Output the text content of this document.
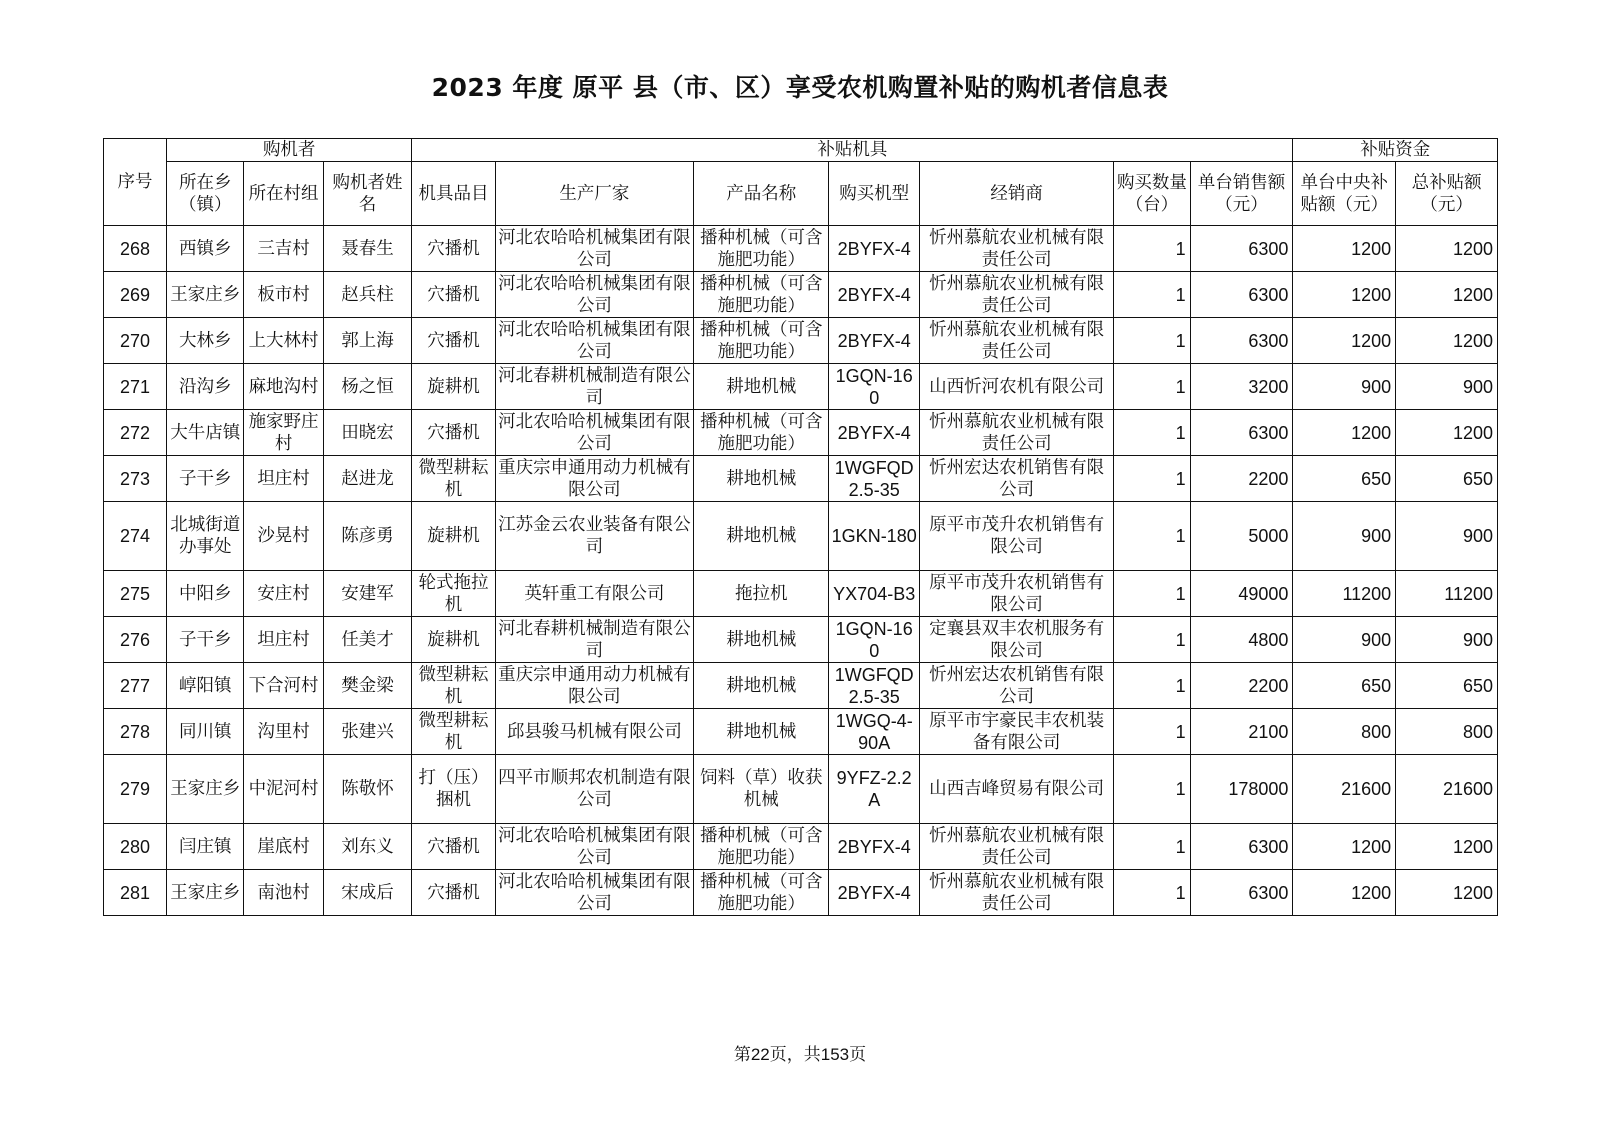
2023 年度 原平 县（市、区）享受农机购置补贴的购机者信息表
序号	购机者			补贴机具							补贴资金	
	所在乡（镇）	所在村组	购机者姓名	机具品目	生产厂家	产品名称	购买机型	经销商	购买数量（台）	单台销售额（元）	单台中央补贴额（元）	总补贴额（元）
268	西镇乡	三吉村	聂春生	穴播机	河北农哈哈机械集团有限公司	播种机械（可含施肥功能）	2BYFX-4	忻州慕航农业机械有限责任公司	1	6300	1200	1200
269	王家庄乡	板市村	赵兵柱	穴播机	河北农哈哈机械集团有限公司	播种机械（可含施肥功能）	2BYFX-4	忻州慕航农业机械有限责任公司	1	6300	1200	1200
270	大林乡	上大林村	郭上海	穴播机	河北农哈哈机械集团有限公司	播种机械（可含施肥功能）	2BYFX-4	忻州慕航农业机械有限责任公司	1	6300	1200	1200
271	沿沟乡	麻地沟村	杨之恒	旋耕机	河北春耕机械制造有限公司	耕地机械	1GQN-160	山西忻河农机有限公司	1	3200	900	900
272	大牛店镇	施家野庄村	田晓宏	穴播机	河北农哈哈机械集团有限公司	播种机械（可含施肥功能）	2BYFX-4	忻州慕航农业机械有限责任公司	1	6300	1200	1200
273	子干乡	坦庄村	赵进龙	微型耕耘机	重庆宗申通用动力机械有限公司	耕地机械	1WGFQD2.5-35	忻州宏达农机销售有限公司	1	2200	650	650
274	北城街道办事处	沙晃村	陈彦勇	旋耕机	江苏金云农业装备有限公司	耕地机械	1GKN-180	原平市茂升农机销售有限公司	1	5000	900	900
275	中阳乡	安庄村	安建军	轮式拖拉机	英轩重工有限公司	拖拉机	YX704-B3	原平市茂升农机销售有限公司	1	49000	11200	11200
276	子干乡	坦庄村	任美才	旋耕机	河北春耕机械制造有限公司	耕地机械	1GQN-160	定襄县双丰农机服务有限公司	1	4800	900	900
277	崞阳镇	下合河村	樊金梁	微型耕耘机	重庆宗申通用动力机械有限公司	耕地机械	1WGFQD2.5-35	忻州宏达农机销售有限公司	1	2200	650	650
278	同川镇	沟里村	张建兴	微型耕耘机	邱县骏马机械有限公司	耕地机械	1WGQ-4-90A	原平市宇豪民丰农机装备有限公司	1	2100	800	800
279	王家庄乡	中泥河村	陈敬怀	打（压）捆机	四平市顺邦农机制造有限公司	饲料（草）收获机械	9YFZ-2.2A	山西吉峰贸易有限公司	1	178000	21600	21600
280	闫庄镇	崖底村	刘东义	穴播机	河北农哈哈机械集团有限公司	播种机械（可含施肥功能）	2BYFX-4	忻州慕航农业机械有限责任公司	1	6300	1200	1200
281	王家庄乡	南池村	宋成后	穴播机	河北农哈哈机械集团有限公司	播种机械（可含施肥功能）	2BYFX-4	忻州慕航农业机械有限责任公司	1	6300	1200	1200
第22页，共153页
